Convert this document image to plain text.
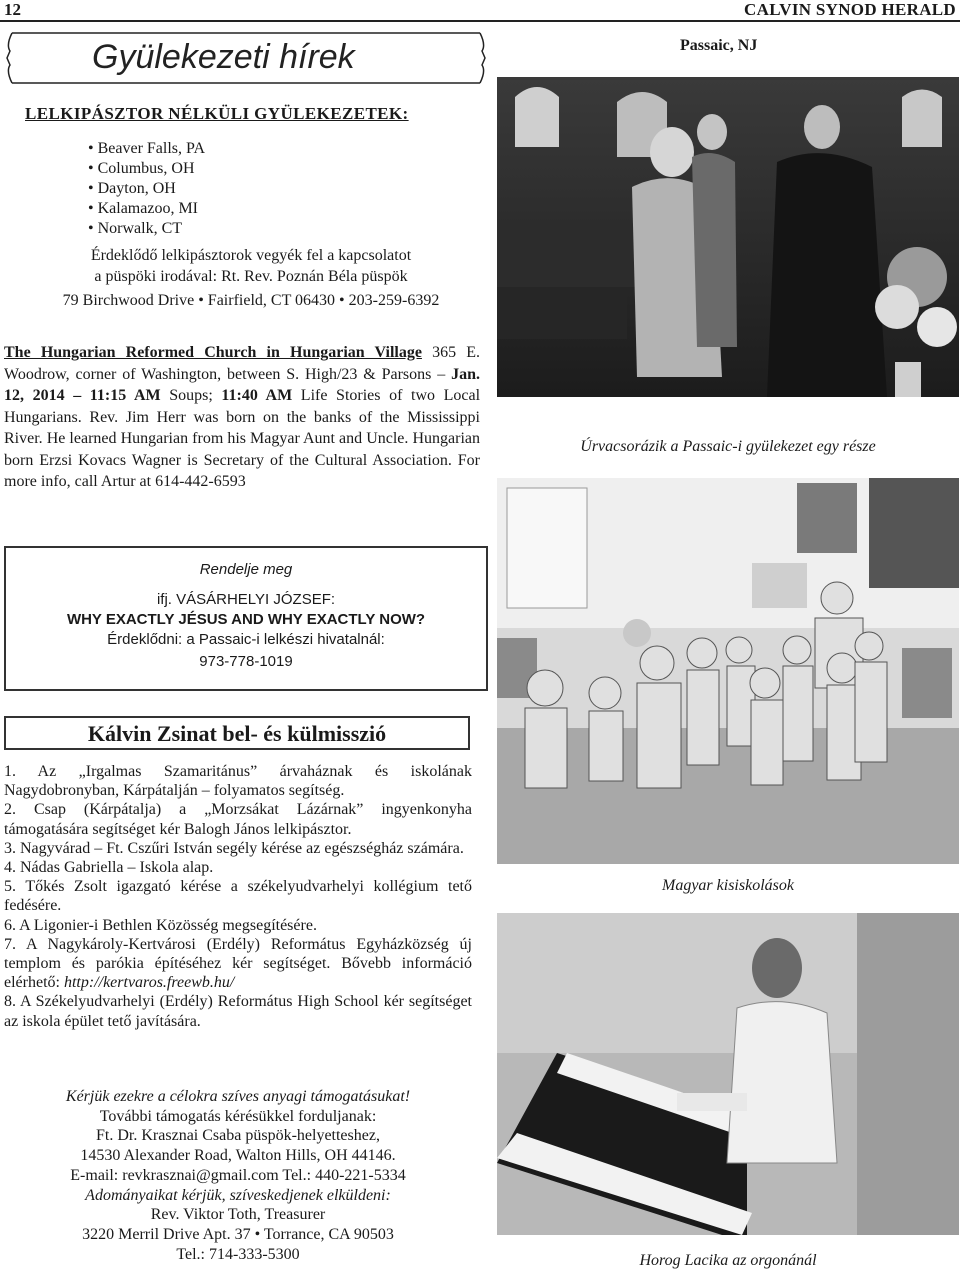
12	CALVIN SYNOD HERALD
Gyülekezeti hírek
LELKIPÁSZTOR NÉLKÜLI GYÜLEKEZETEK:
• Beaver Falls, PA
• Columbus, OH
• Dayton, OH
• Kalamazoo, MI
• Norwalk, CT
Érdeklődő lelkipásztorok vegyék fel a kapcsolatot
a püspöki irodával: Rt. Rev. Poznán Béla püspök
79 Birchwood Drive • Fairfield, CT 06430 • 203-259-6392
The Hungarian Reformed Church in Hungarian Village 365 E. Woodrow, corner of Washington, between S. High/23 & Parsons – Jan. 12, 2014 – 11:15 AM Soups; 11:40 AM Life Stories of two Local Hungarians. Rev. Jim Herr was born on the banks of the Mississippi River. He learned Hungarian from his Magyar Aunt and Uncle. Hungarian born Erzsi Kovacs Wagner is Secretary of the Cultural Association. For more info, call Artur at 614-442-6593
Rendelje meg
ifj. VÁSÁRHELYI JÓZSEF:
WHY EXACTLY JÉSUS AND WHY EXACTLY NOW?
Érdeklődni: a Passaic-i lelkészi hivatalnál:
973-778-1019
Kálvin Zsinat bel- és külmisszió
1. Az „Irgalmas Szamaritánus” árvaháznak és iskolának Nagydobronyban, Kárpátalján – folyamatos segítség.
2. Csap (Kárpátalja) a „Morzsákat Lázárnak” ingyenkonyha támogatására segítséget kér Balogh János lelkipásztor.
3. Nagyvárad – Ft. Cszűri István segély kérése az egészségház számára.
4. Nádas Gabriella – Iskola alap.
5. Tőkés Zsolt igazgató kérése a székelyudvarhelyi kollégium tető fedésére.
6. A Ligonier-i Bethlen Közösség megsegítésére.
7. A Nagykároly-Kertvárosi (Erdély) Református Egyházközség új templom és parókia építéséhez kér segítséget. Bővebb információ elérhető: http://kertvaros.freewb.hu/
8. A Székelyudvarhelyi (Erdély) Református High School kér segítséget az iskola épület tető javítására.
Kérjük ezekre a célokra szíves anyagi támogatásukat!
További támogatás kérésükkel forduljanak:
Ft. Dr. Krasznai Csaba püspök-helyetteshez,
14530 Alexander Road, Walton Hills, OH 44146.
E-mail: revkrasznai@gmail.com Tel.: 440-221-5334
Adományaikat kérjük, szíveskedjenek elküldeni:
Rev. Viktor Toth, Treasurer
3220 Merril Drive Apt. 37 • Torrance, CA 90503
Tel.: 714-333-5300
Passaic, NJ
Úrvacsorázik a Passaic-i gyülekezet egy része
Magyar kisiskolások
Horog Lacika az orgonánál
